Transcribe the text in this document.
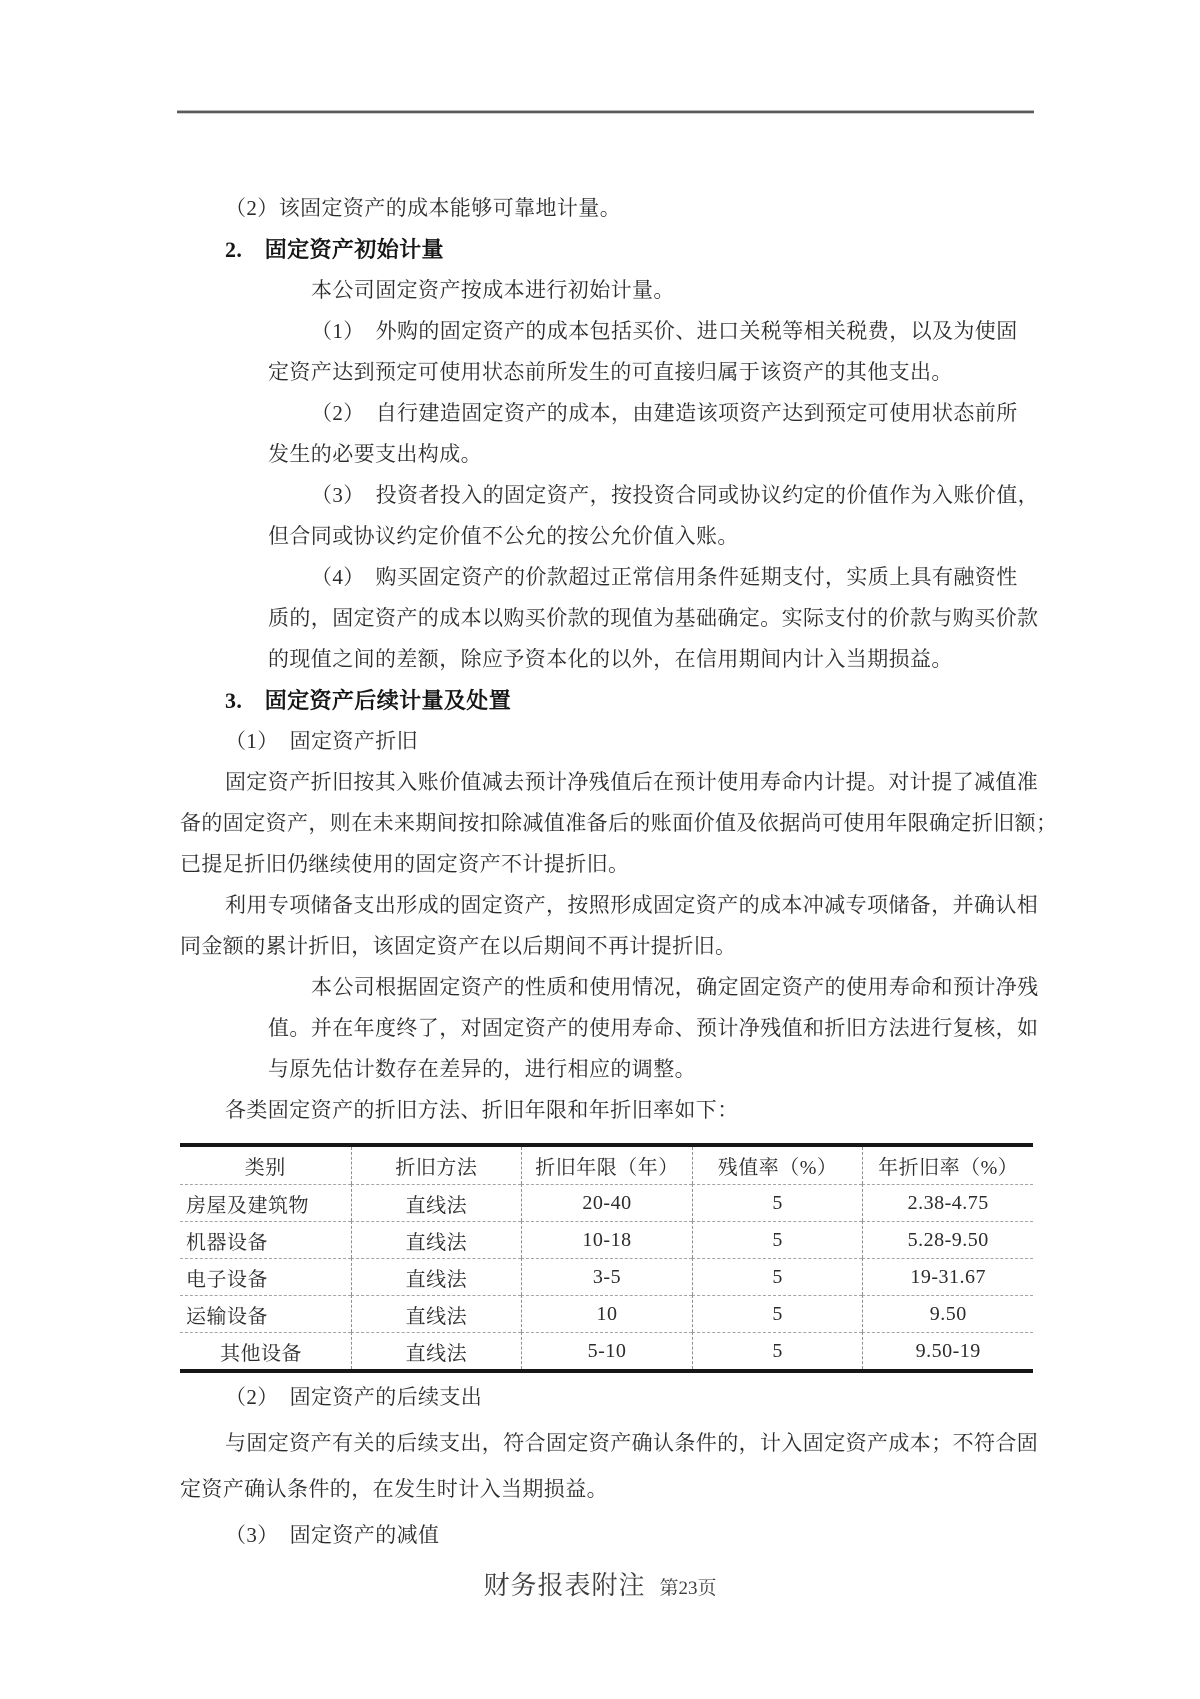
（2）该固定资产的成本能够可靠地计量。
2.　固定资产初始计量
本公司固定资产按成本进行初始计量。
（1）　外购的固定资产的成本包括买价、进口关税等相关税费，以及为使固
定资产达到预定可使用状态前所发生的可直接归属于该资产的其他支出。
（2）　自行建造固定资产的成本，由建造该项资产达到预定可使用状态前所
发生的必要支出构成。
（3）　投资者投入的固定资产，按投资合同或协议约定的价值作为入账价值，
但合同或协议约定价值不公允的按公允价值入账。
（4）　购买固定资产的价款超过正常信用条件延期支付，实质上具有融资性
质的，固定资产的成本以购买价款的现值为基础确定。实际支付的价款与购买价款
的现值之间的差额，除应予资本化的以外，在信用期间内计入当期损益。
3.　固定资产后续计量及处置
（1）　固定资产折旧
固定资产折旧按其入账价值减去预计净残值后在预计使用寿命内计提。对计提了减值准
备的固定资产，则在未来期间按扣除减值准备后的账面价值及依据尚可使用年限确定折旧额；
已提足折旧仍继续使用的固定资产不计提折旧。
利用专项储备支出形成的固定资产，按照形成固定资产的成本冲减专项储备，并确认相
同金额的累计折旧，该固定资产在以后期间不再计提折旧。
本公司根据固定资产的性质和使用情况，确定固定资产的使用寿命和预计净残
值。并在年度终了，对固定资产的使用寿命、预计净残值和折旧方法进行复核，如
与原先估计数存在差异的，进行相应的调整。
各类固定资产的折旧方法、折旧年限和年折旧率如下：
类别	折旧方法	折旧年限（年）	残值率（%）	年折旧率（%）
房屋及建筑物	直线法	20-40	5	2.38-4.75
机器设备	直线法	10-18	5	5.28-9.50
电子设备	直线法	3-5	5	19-31.67
运输设备	直线法	10	5	9.50
其他设备	直线法	5-10	5	9.50-19
（2）　固定资产的后续支出
与固定资产有关的后续支出，符合固定资产确认条件的，计入固定资产成本；不符合固
定资产确认条件的，在发生时计入当期损益。
（3）　固定资产的减值
财务报表附注 第23页
